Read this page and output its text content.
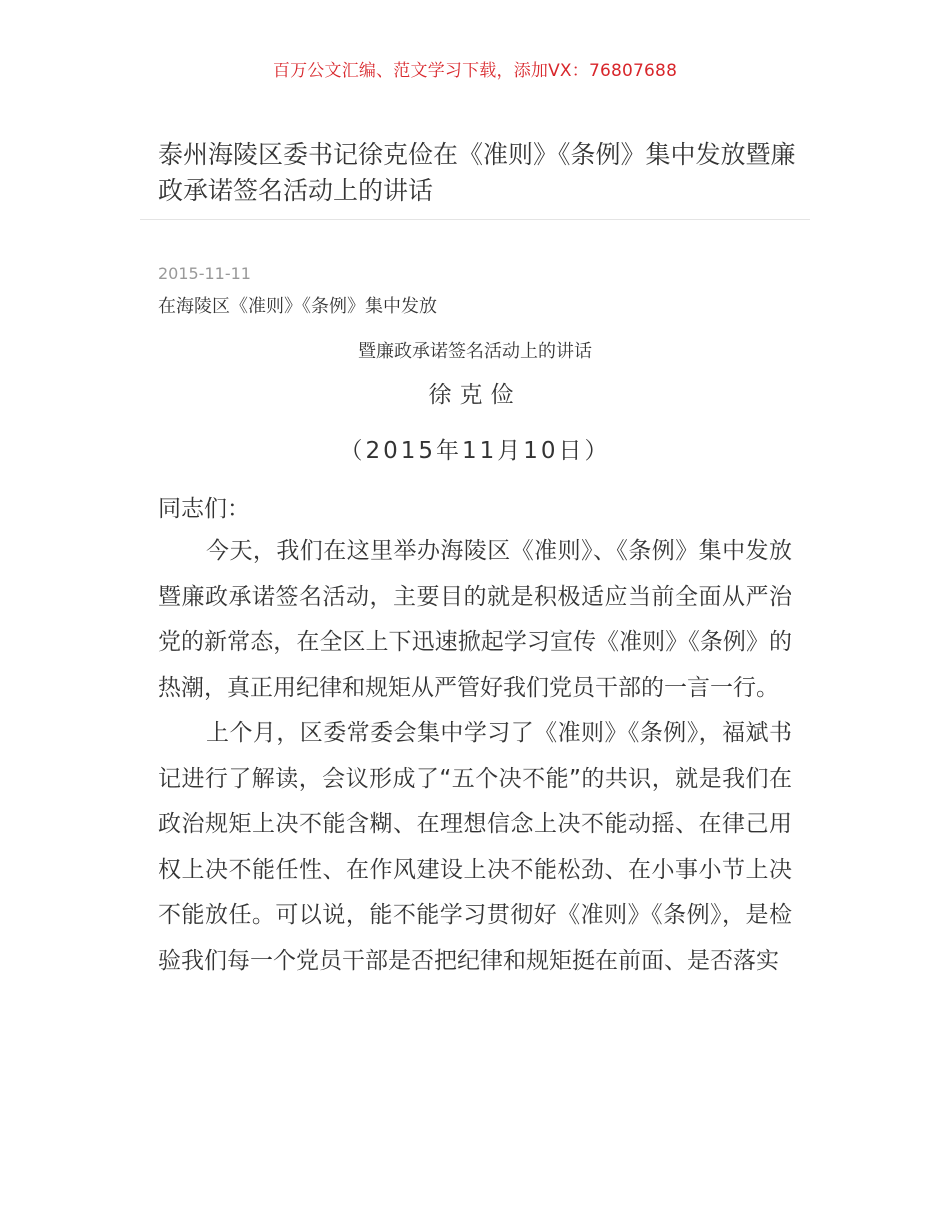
百万公文汇编、范文学习下载，添加VX：76807688
泰州海陵区委书记徐克俭在《准则》《条例》集中发放暨廉政承诺签名活动上的讲话
2015-11-11
在海陵区《准则》《条例》集中发放
暨廉政承诺签名活动上的讲话
徐克俭
（2015年11月10日）
同志们：

今天，我们在这里举办海陵区《准则》、《条例》集中发放暨廉政承诺签名活动，主要目的就是积极适应当前全面从严治党的新常态，在全区上下迅速掀起学习宣传《准则》《条例》的热潮，真正用纪律和规矩从严管好我们党员干部的一言一行。

上个月，区委常委会集中学习了《准则》《条例》，福斌书记进行了解读，会议形成了“五个决不能”的共识，就是我们在政治规矩上决不能含糊、在理想信念上决不能动摇、在律己用权上决不能任性、在作风建设上决不能松劲、在小事小节上决不能放任。可以说，能不能学习贯彻好《准则》《条例》，是检验我们每一个党员干部是否把纪律和规矩挺在前面、是否落实
